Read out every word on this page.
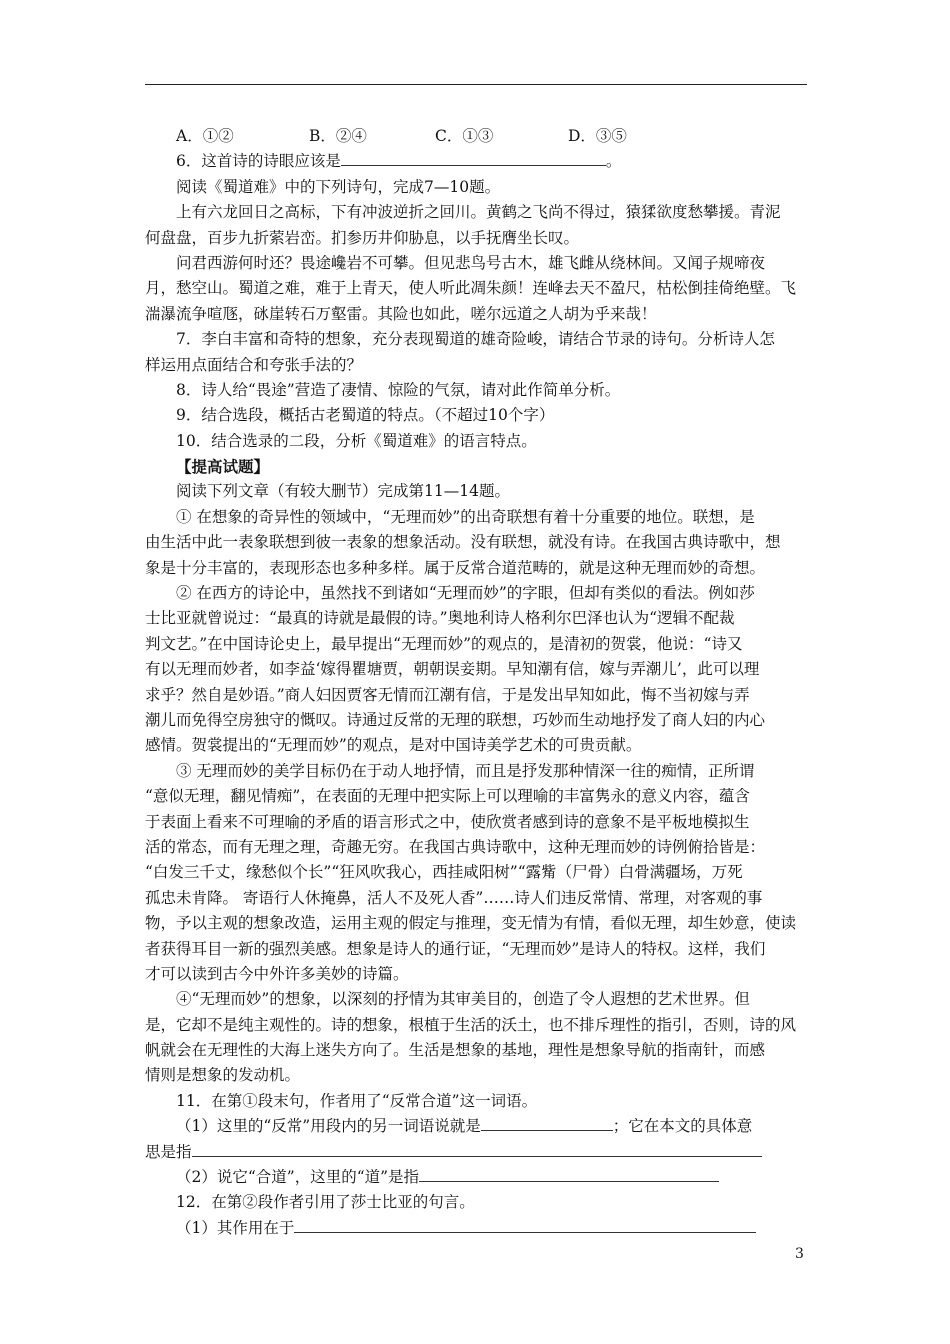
A．①②	B．②④	C．①③	D．③⑤
6．这首诗的诗眼应该是	。
阅读《蜀道难》中的下列诗句，完成7—10题。
上有六龙回日之高标，下有冲波逆折之回川。黄鹤之飞尚不得过，猿猱欲度愁攀援。青泥
何盘盘，百步九折萦岩峦。扪参历井仰胁息，以手抚膺坐长叹。
问君西游何时还？畏途巉岩不可攀。但见悲鸟号古木，雄飞雌从绕林间。又闻子规啼夜
月，愁空山。蜀道之难，难于上青天，使人听此凋朱颜！连峰去天不盈尺，枯松倒挂倚绝壁。飞
湍瀑流争喧豗，砯崖转石万壑雷。其险也如此，嗟尔远道之人胡为乎来哉！
7．李白丰富和奇特的想象，充分表现蜀道的雄奇险峻，请结合节录的诗句。分析诗人怎
样运用点面结合和夸张手法的？
8．诗人给“畏途”营造了凄情、惊险的气氛，请对此作简单分析。
9．结合选段，概括古老蜀道的特点。（不超过10个字）
10．结合选录的二段，分析《蜀道难》的语言特点。
【提高试题】
阅读下列文章（有较大删节）完成第11—14题。
① 在想象的奇异性的领域中，“无理而妙”的出奇联想有着十分重要的地位。联想，是
由生活中此一表象联想到彼一表象的想象活动。没有联想，就没有诗。在我国古典诗歌中，想
象是十分丰富的，表现形态也多种多样。属于反常合道范畴的，就是这种无理而妙的奇想。
② 在西方的诗论中，虽然找不到诸如“无理而妙”的字眼，但却有类似的看法。例如莎
士比亚就曾说过：“最真的诗就是最假的诗。”奥地利诗人格利尔巴泽也认为“逻辑不配裁
判文艺。”在中国诗论史上，最早提出“无理而妙”的观点的，是清初的贺裳，他说：“诗又
有以无理而妙者，如李益‘嫁得瞿塘贾，朝朝误妾期。早知潮有信，嫁与弄潮儿’，此可以理
求乎？然自是妙语。”商人妇因贾客无情而江潮有信，于是发出早知如此，悔不当初嫁与弄
潮儿而免得空房独守的慨叹。诗通过反常的无理的联想，巧妙而生动地抒发了商人妇的内心
感情。贺裳提出的“无理而妙”的观点，是对中国诗美学艺术的可贵贡献。
③ 无理而妙的美学目标仍在于动人地抒情，而且是抒发那种情深一往的痴情，正所谓
“意似无理，翻见情痴”，在表面的无理中把实际上可以理喻的丰富隽永的意义内容，蕴含
于表面上看来不可理喻的矛盾的语言形式之中，使欣赏者感到诗的意象不是平板地模拟生
活的常态，而有无理之理，奇趣无穷。在我国古典诗歌中，这种无理而妙的诗例俯拾皆是：
“白发三千丈，缘愁似个长”“狂风吹我心，西挂咸阳树”“露觜（尸骨）白骨满疆场，万死
孤忠未肯降。 寄语行人休掩鼻，活人不及死人香”……诗人们违反常情、常理，对客观的事
物，予以主观的想象改造，运用主观的假定与推理，变无情为有情，看似无理，却生妙意，使读
者获得耳目一新的强烈美感。想象是诗人的通行证，“无理而妙”是诗人的特权。这样，我们
才可以读到古今中外许多美妙的诗篇。
④“无理而妙”的想象，以深刻的抒情为其审美目的，创造了令人遐想的艺术世界。但
是，它却不是纯主观性的。诗的想象，根植于生活的沃土，也不排斥理性的指引，否则，诗的风
帆就会在无理性的大海上迷失方向了。生活是想象的基地，理性是想象导航的指南针，而感
情则是想象的发动机。
11．在第①段末句，作者用了“反常合道”这一词语。
（1）这里的“反常”用段内的另一词语说就是	；它在本文的具体意
思是指
（2）说它“合道”，这里的“道”是指
12．在第②段作者引用了莎士比亚的句言。
（1）其作用在于
3
